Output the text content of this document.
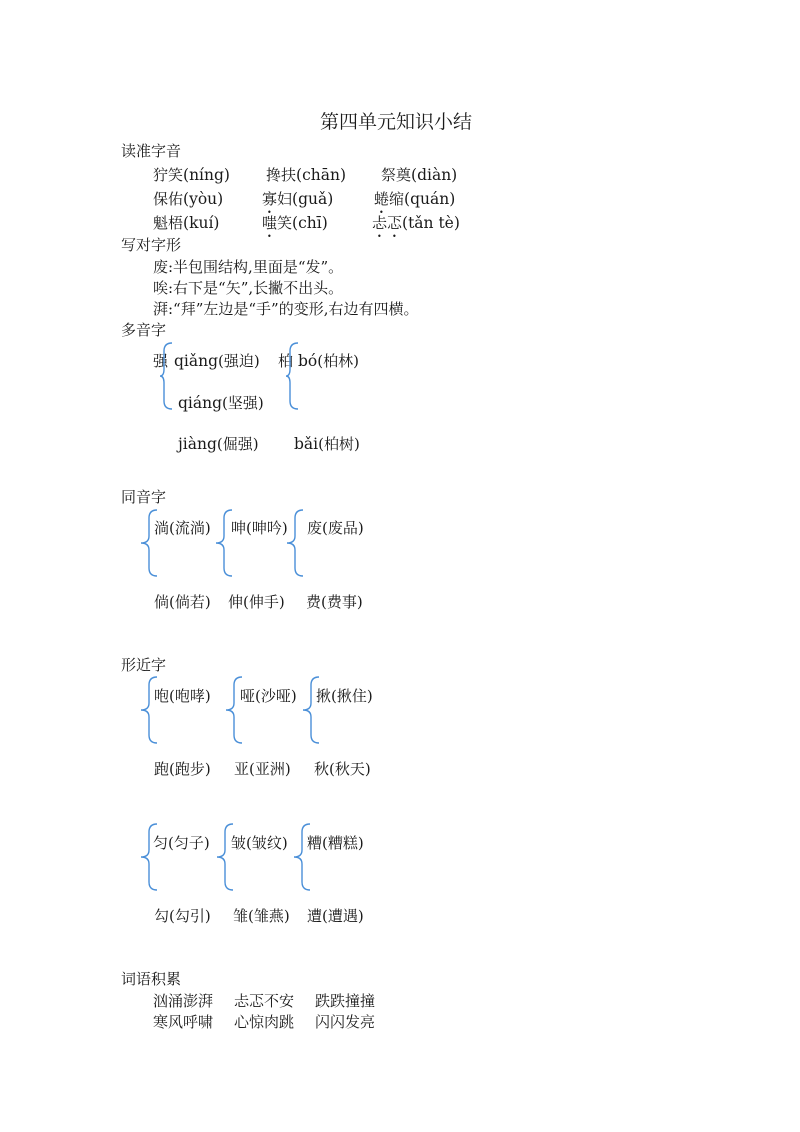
第四单元知识小结
读准字音
狞笑(níng) 搀扶(chān) 祭奠(diàn)
保佑(yòu)	寡妇(guǎ)	蜷缩(quán)
魁梧(kuí)	嗤笑(chī)	忐忑(tǎn tè)
写对字形
废:半包围结构,里面是“发”。
唉:右下是“矢”,长撇不出头。
湃:“拜”左边是“手”的变形,右边有四横。
多音字
强 qiǎng(强迫)
qiáng(坚强)
jiàng(倔强)
柏 bó(柏林)
bǎi(柏树)
同音字
淌(流淌) 呻(呻吟) 废(废品)
倘(倘若) 伸(伸手) 费(费事)
形近字
咆(咆哮) 哑(沙哑) 揪(揪住)
跑(跑步) 亚(亚洲) 秋(秋天)
匀(匀子) 皱(皱纹) 糟(糟糕)
勾(勾引) 雏(雏燕) 遭(遭遇)
词语积累
汹涌澎湃 忐忑不安 跌跌撞撞
寒风呼啸 心惊肉跳 闪闪发亮
